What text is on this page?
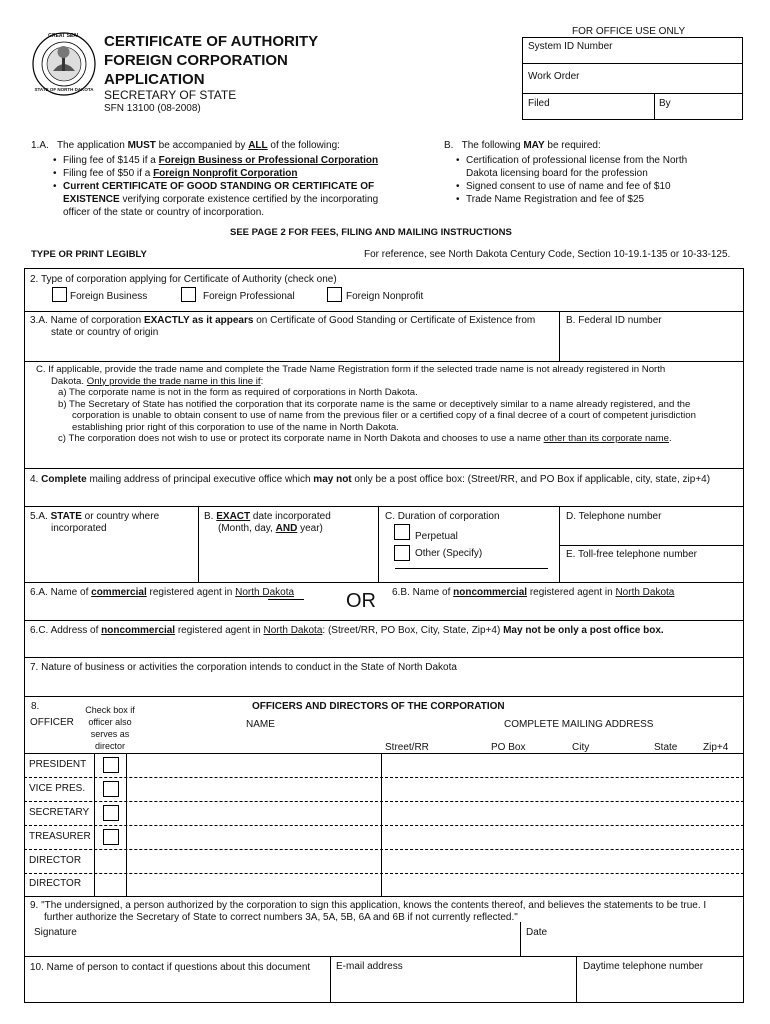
GREAT SEAL
STATE OF NORTH DAKOTA
CERTIFICATE OF AUTHORITY
FOREIGN CORPORATION
APPLICATION
SECRETARY OF STATE
SFN 13100 (08-2008)
FOR OFFICE USE ONLY
System ID Number
Work Order
Filed	By
1.A. The application MUST be accompanied by ALL of the following:
• Filing fee of $145 if a Foreign Business or Professional Corporation
• Filing fee of $50 if a Foreign Nonprofit Corporation
• Current CERTIFICATE OF GOOD STANDING OR CERTIFICATE OF EXISTENCE verifying corporate existence certified by the incorporating officer of the state or country of incorporation.
B. The following MAY be required:
• Certification of professional license from the North Dakota licensing board for the profession
• Signed consent to use of name and fee of $10
• Trade Name Registration and fee of $25
SEE PAGE 2 FOR FEES, FILING AND MAILING INSTRUCTIONS
TYPE OR PRINT LEGIBLY	For reference, see North Dakota Century Code, Section 10-19.1-135 or 10-33-125.
2. Type of corporation applying for Certificate of Authority (check one)
Foreign Business	Foreign Professional	Foreign Nonprofit
3.A. Name of corporation EXACTLY as it appears on Certificate of Good Standing or Certificate of Existence from
state or country of origin
B. Federal ID number
C. If applicable, provide the trade name and complete the Trade Name Registration form if the selected trade name is not already registered in North
Dakota. Only provide the trade name in this line if:
a) The corporate name is not in the form as required of corporations in North Dakota.
b) The Secretary of State has notified the corporation that its corporate name is the same or deceptively similar to a name already registered, and the
corporation is unable to obtain consent to use of name from the previous filer or a certified copy of a final decree of a court of competent jurisdiction
establishing prior right of this corporation to use of the name in North Dakota.
c) The corporation does not wish to use or protect its corporate name in North Dakota and chooses to use a name other than its corporate name.
4. Complete mailing address of principal executive office which may not only be a post office box: (Street/RR, and PO Box if applicable, city, state, zip+4)
5.A. STATE or country where
incorporated
B. EXACT date incorporated
(Month, day, AND year)
C. Duration of corporation
Perpetual
Other (Specify)
D. Telephone number
E. Toll-free telephone number
6.A. Name of commercial registered agent in North Dakota	OR 6.B. Name of noncommercial registered agent in North Dakota
6.C. Address of noncommercial registered agent in North Dakota: (Street/RR, PO Box, City, State, Zip+4) May not be only a post office box.
7. Nature of business or activities the corporation intends to conduct in the State of North Dakota
8.
OFFICER
Check box if
officer also
serves as
director
OFFICERS AND DIRECTORS OF THE CORPORATION
NAME	COMPLETE MAILING ADDRESS
Street/RR	PO Box	City	State	Zip+4
PRESIDENT
VICE PRES.
SECRETARY
TREASURER
DIRECTOR
DIRECTOR
9. "The undersigned, a person authorized by the corporation to sign this application, knows the contents thereof, and believes the statements to be true. I
further authorize the Secretary of State to correct numbers 3A, 5A, 5B, 6A and 6B if not currently reflected."
Signature	Date
10. Name of person to contact if questions about this document	E-mail address	Daytime telephone number
